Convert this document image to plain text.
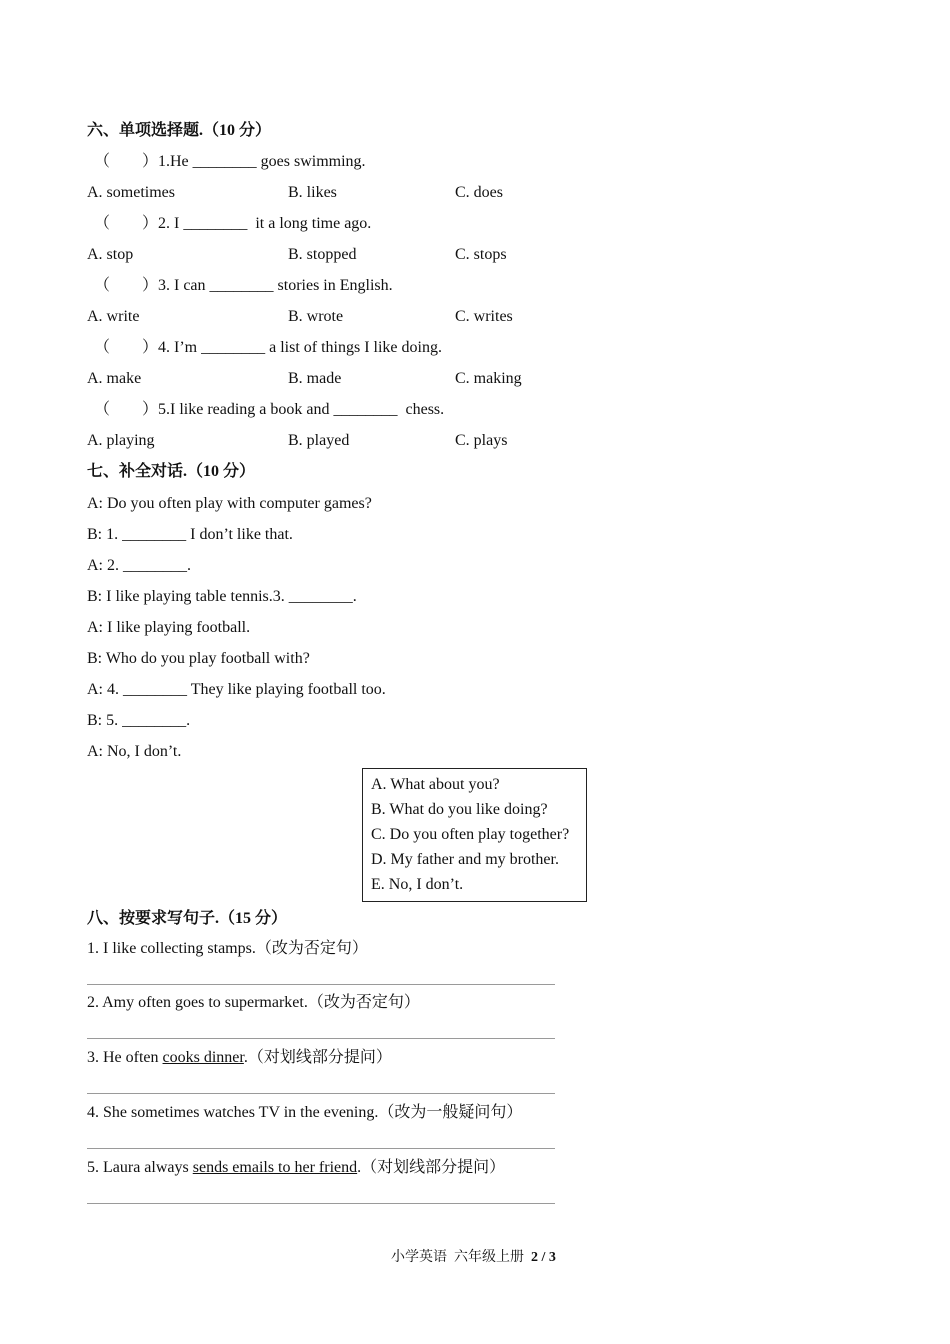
六、单项选择题.（10 分）
（        ）1.He ________ goes swimming.
A. sometimes	B. likes	C. does
（        ）2. I ________  it a long time ago.
A. stop	B. stopped	C. stops
（        ）3. I can ________ stories in English.
A. write	B. wrote	C. writes
（        ）4. I’m ________ a list of things I like doing.
A. make	B. made	C. making
（        ）5.I like reading a book and ________  chess.
A. playing	B. played	C. plays
七、补全对话.（10 分）
A: Do you often play with computer games?
B: 1. ________ I don’t like that.
A: 2. ________.
B: I like playing table tennis.3. ________.
A: I like playing football.
B: Who do you play football with?
A: 4. ________ They like playing football too.
B: 5. ________.
A: No, I don’t.
A. What about you?
B. What do you like doing?
C. Do you often play together?
D. My father and my brother.
E. No, I don’t.
八、按要求写句子.（15 分）
1. I like collecting stamps.（改为否定句）
2. Amy often goes to supermarket.（改为否定句）
3. He often cooks dinner.（对划线部分提问）
4. She sometimes watches TV in the evening.（改为一般疑问句）
5. Laura always sends emails to her friend.（对划线部分提问）
小学英语  六年级上册  2 / 3
